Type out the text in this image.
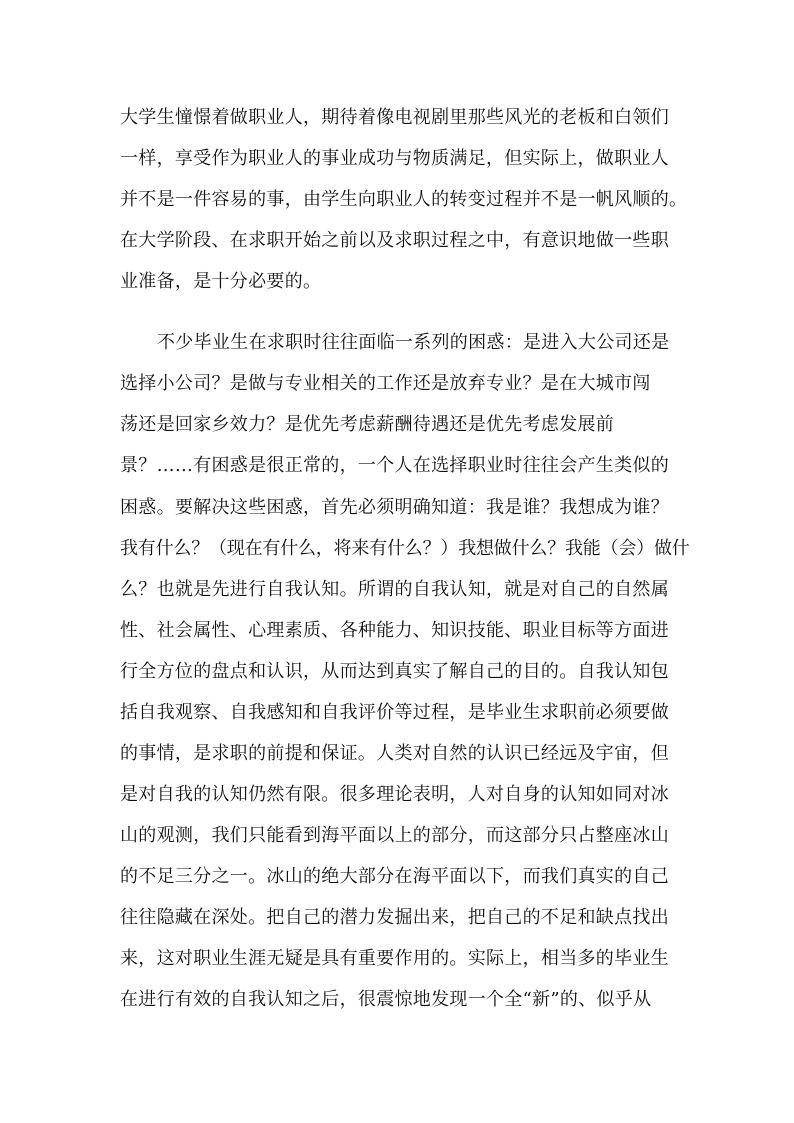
大学生憧憬着做职业人，期待着像电视剧里那些风光的老板和白领们
一样，享受作为职业人的事业成功与物质满足，但实际上，做职业人
并不是一件容易的事，由学生向职业人的转变过程并不是一帆风顺的。
在大学阶段、在求职开始之前以及求职过程之中，有意识地做一些职
业准备，是十分必要的。
不少毕业生在求职时往往面临一系列的困惑：是进入大公司还是
选择小公司？是做与专业相关的工作还是放弃专业？是在大城市闯
荡还是回家乡效力？是优先考虑薪酬待遇还是优先考虑发展前
景？……有困惑是很正常的，一个人在选择职业时往往会产生类似的
困惑。要解决这些困惑，首先必须明确知道：我是谁？我想成为谁？
我有什么？（现在有什么，将来有什么？）我想做什么？我能（会）做什
么？也就是先进行自我认知。所谓的自我认知，就是对自己的自然属
性、社会属性、心理素质、各种能力、知识技能、职业目标等方面进
行全方位的盘点和认识，从而达到真实了解自己的目的。自我认知包
括自我观察、自我感知和自我评价等过程，是毕业生求职前必须要做
的事情，是求职的前提和保证。人类对自然的认识已经远及宇宙，但
是对自我的认知仍然有限。很多理论表明，人对自身的认知如同对冰
山的观测，我们只能看到海平面以上的部分，而这部分只占整座冰山
的不足三分之一。冰山的绝大部分在海平面以下，而我们真实的自己
往往隐藏在深处。把自己的潜力发掘出来，把自己的不足和缺点找出
来，这对职业生涯无疑是具有重要作用的。实际上，相当多的毕业生
在进行有效的自我认知之后，很震惊地发现一个全“新”的、似乎从
